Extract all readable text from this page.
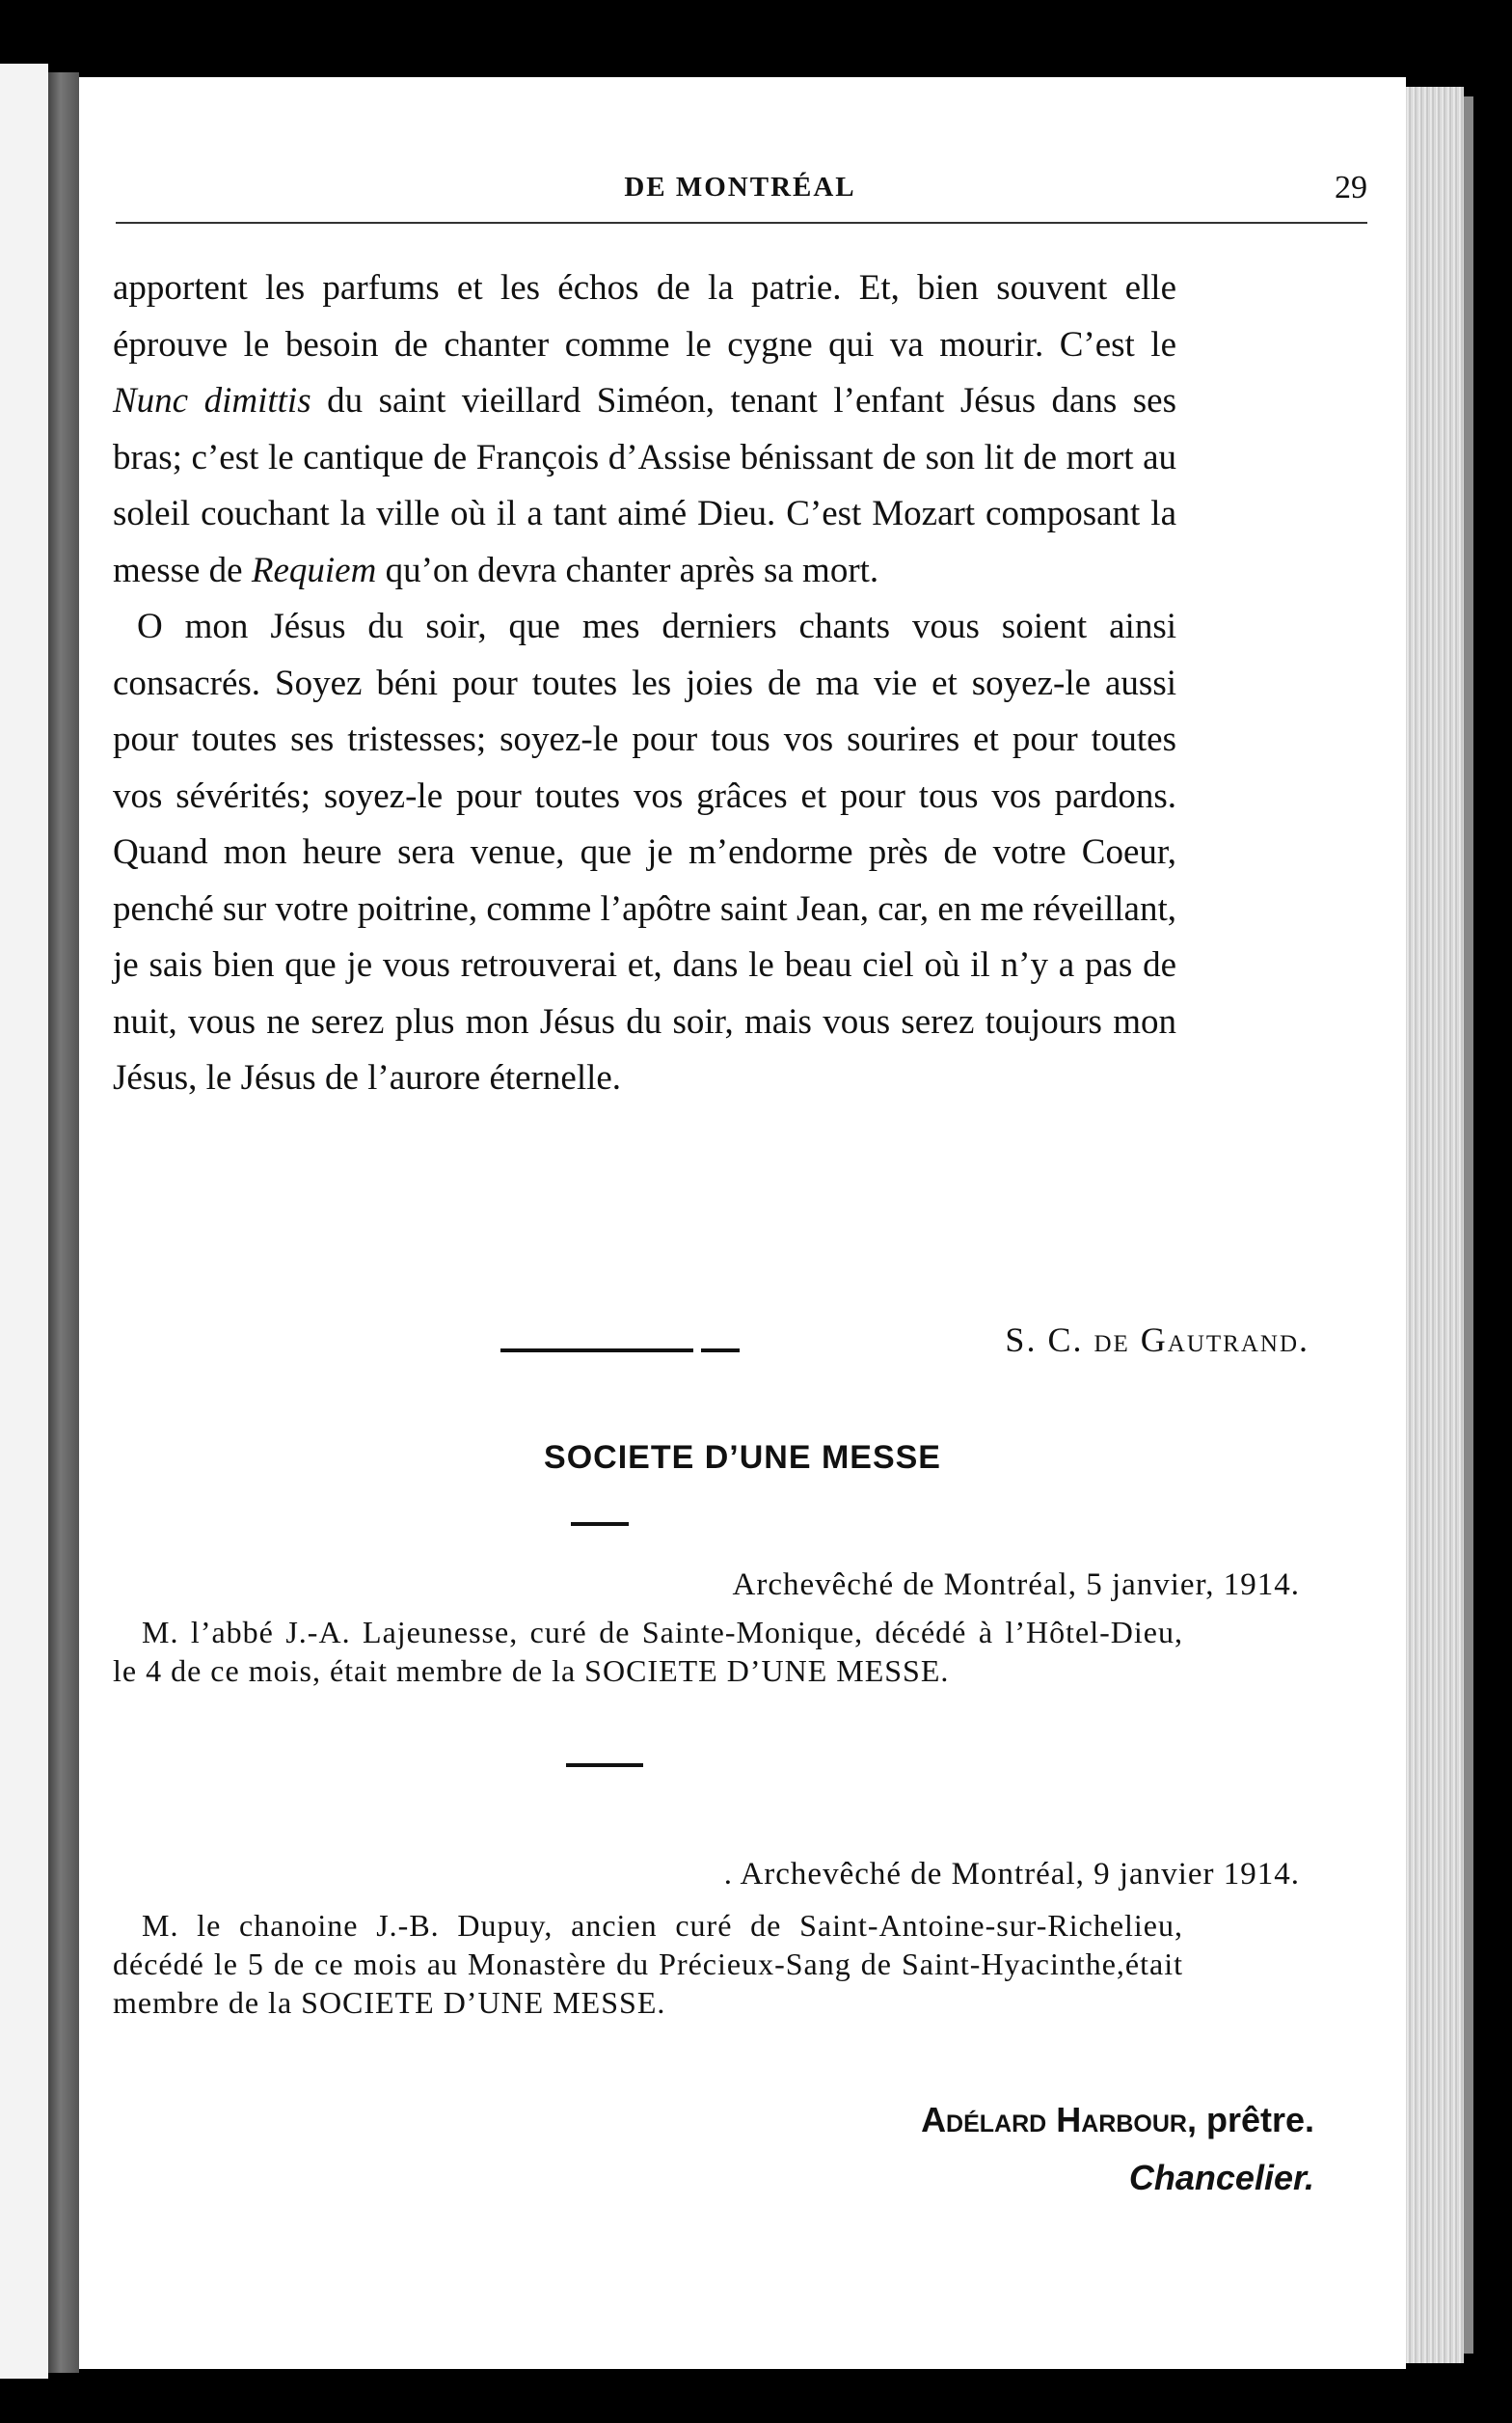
DE MONTRÉAL	29

apportent les parfums et les échos de la patrie. Et, bien souvent elle éprouve le besoin de chanter comme le cygne qui va mourir. C’est le Nunc dimittis du saint vieillard Siméon, tenant l’enfant Jésus dans ses bras; c’est le cantique de François d’Assise bénissant de son lit de mort au soleil couchant la ville où il a tant aimé Dieu. C’est Mozart composant la messe de Requiem qu’on devra chanter après sa mort.

O mon Jésus du soir, que mes derniers chants vous soient ainsi consacrés. Soyez béni pour toutes les joies de ma vie et soyez-le aussi pour toutes ses tristesses; soyez-le pour tous vos sourires et pour toutes vos sévérités; soyez-le pour toutes vos grâces et pour tous vos pardons. Quand mon heure sera venue, que je m’endorme près de votre Coeur, penché sur votre poitrine, comme l’apôtre saint Jean, car, en me réveillant, je sais bien que je vous retrouverai et, dans le beau ciel où il n’y a pas de nuit, vous ne serez plus mon Jésus du soir, mais vous serez toujours mon Jésus, le Jésus de l’aurore éternelle.

S. C. de Gautrand.
SOCIETE D’UNE MESSE
Archevêché de Montréal, 5 janvier, 1914.

M. l’abbé J.-A. Lajeunesse, curé de Sainte-Monique, décédé à l’Hôtel-Dieu, le 4 de ce mois, était membre de la SOCIETE D’UNE MESSE.

. Archevêché de Montréal, 9 janvier 1914.

M. le chanoine J.-B. Dupuy, ancien curé de Saint-Antoine-sur-Richelieu, décédé le 5 de ce mois au Monastère du Précieux-Sang de Saint-Hyacinthe,était membre de la SOCIETE D’UNE MESSE.

Adélard Harbour, prêtre.
Chancelier.
